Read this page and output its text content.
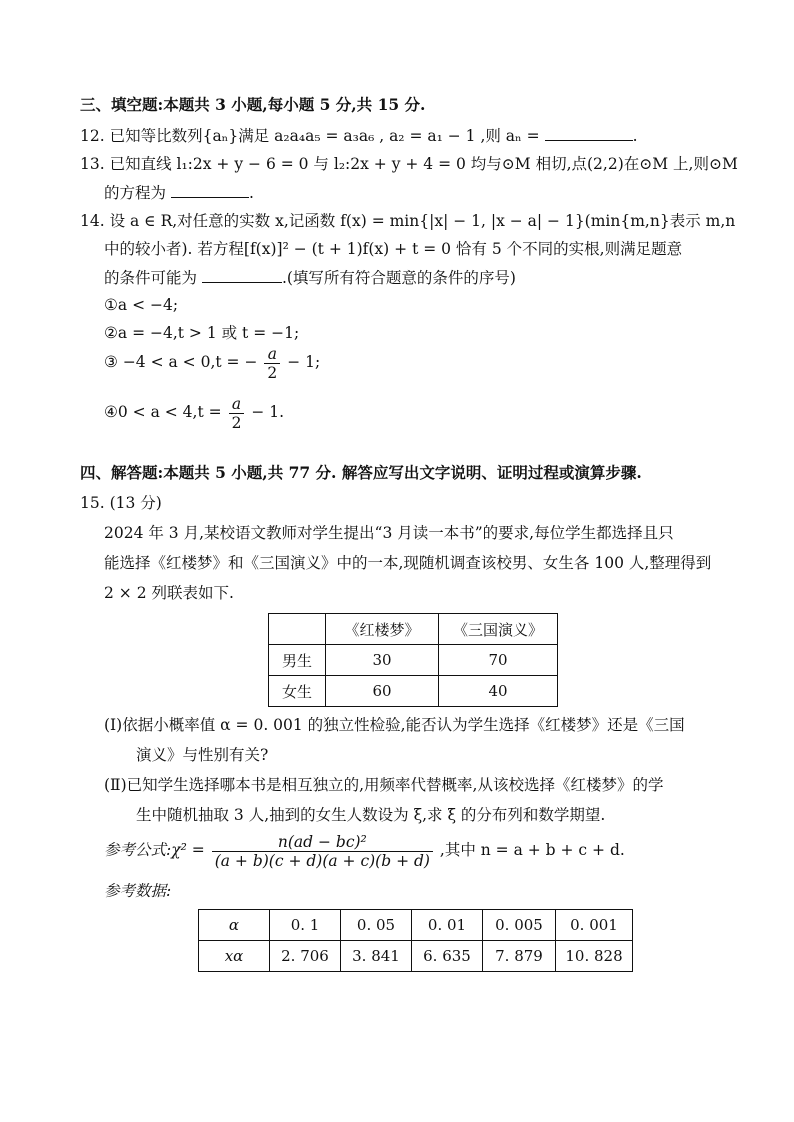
三、填空题:本题共 3 小题,每小题 5 分,共 15 分.
12. 已知等比数列{aₙ}满足 a₂a₄a₅ = a₃a₆ , a₂ = a₁ − 1 ,则 aₙ =	.
13. 已知直线 l₁:2x + y − 6 = 0 与 l₂:2x + y + 4 = 0 均与⊙M 相切,点(2,2)在⊙M 上,则⊙M
的方程为	.
14. 设 a ∈ R,对任意的实数 x,记函数 f(x) = min{|x| − 1, |x − a| − 1}(min{m,n}表示 m,n
中的较小者). 若方程[f(x)]² − (t + 1)f(x) + t = 0 恰有 5 个不同的实根,则满足题意
的条件可能为	.(填写所有符合题意的条件的序号)
①a < −4;
②a = −4,t > 1 或 t = −1;
③ −4 < a < 0,t = − $\frac{a}{2} - 1$;
④0 < $a < 4,t = \frac{a}{2} - 1$.
四、解答题:本题共 5 小题,共 77 分. 解答应写出文字说明、证明过程或演算步骤.
15. (13 分)
2024 年 3 月,某校语文教师对学生提出“3 月读一本书”的要求,每位学生都选择且只
能选择《红楼梦》和《三国演义》中的一本,现随机调查该校男、女生各 100 人,整理得到
2 × 2 列联表如下.
	《红楼梦》	《三国演义》
男生	30	70
女生	60	40
(Ⅰ)依据小概率值 α = 0. 001 的独立性检验,能否认为学生选择《红楼梦》还是《三国
演义》与性别有关?
(Ⅱ)已知学生选择哪本书是相互独立的,用频率代替概率,从该校选择《红楼梦》的学
生中随机抽取 3 人,抽到的女生人数设为 ξ,求 ξ 的分布列和数学期望.
参考公式:χ² = $\frac{\text{n(ad − bc)²}}{(a + b)(c + d)(a + c)(b + d)}$ ,其中 n = a + b + c + d.
参考数据:
α	0. 1	0. 05	0. 01	0. 005	0. 001
xα	2. 706	3. 841	6. 635	7. 879	10. 828
